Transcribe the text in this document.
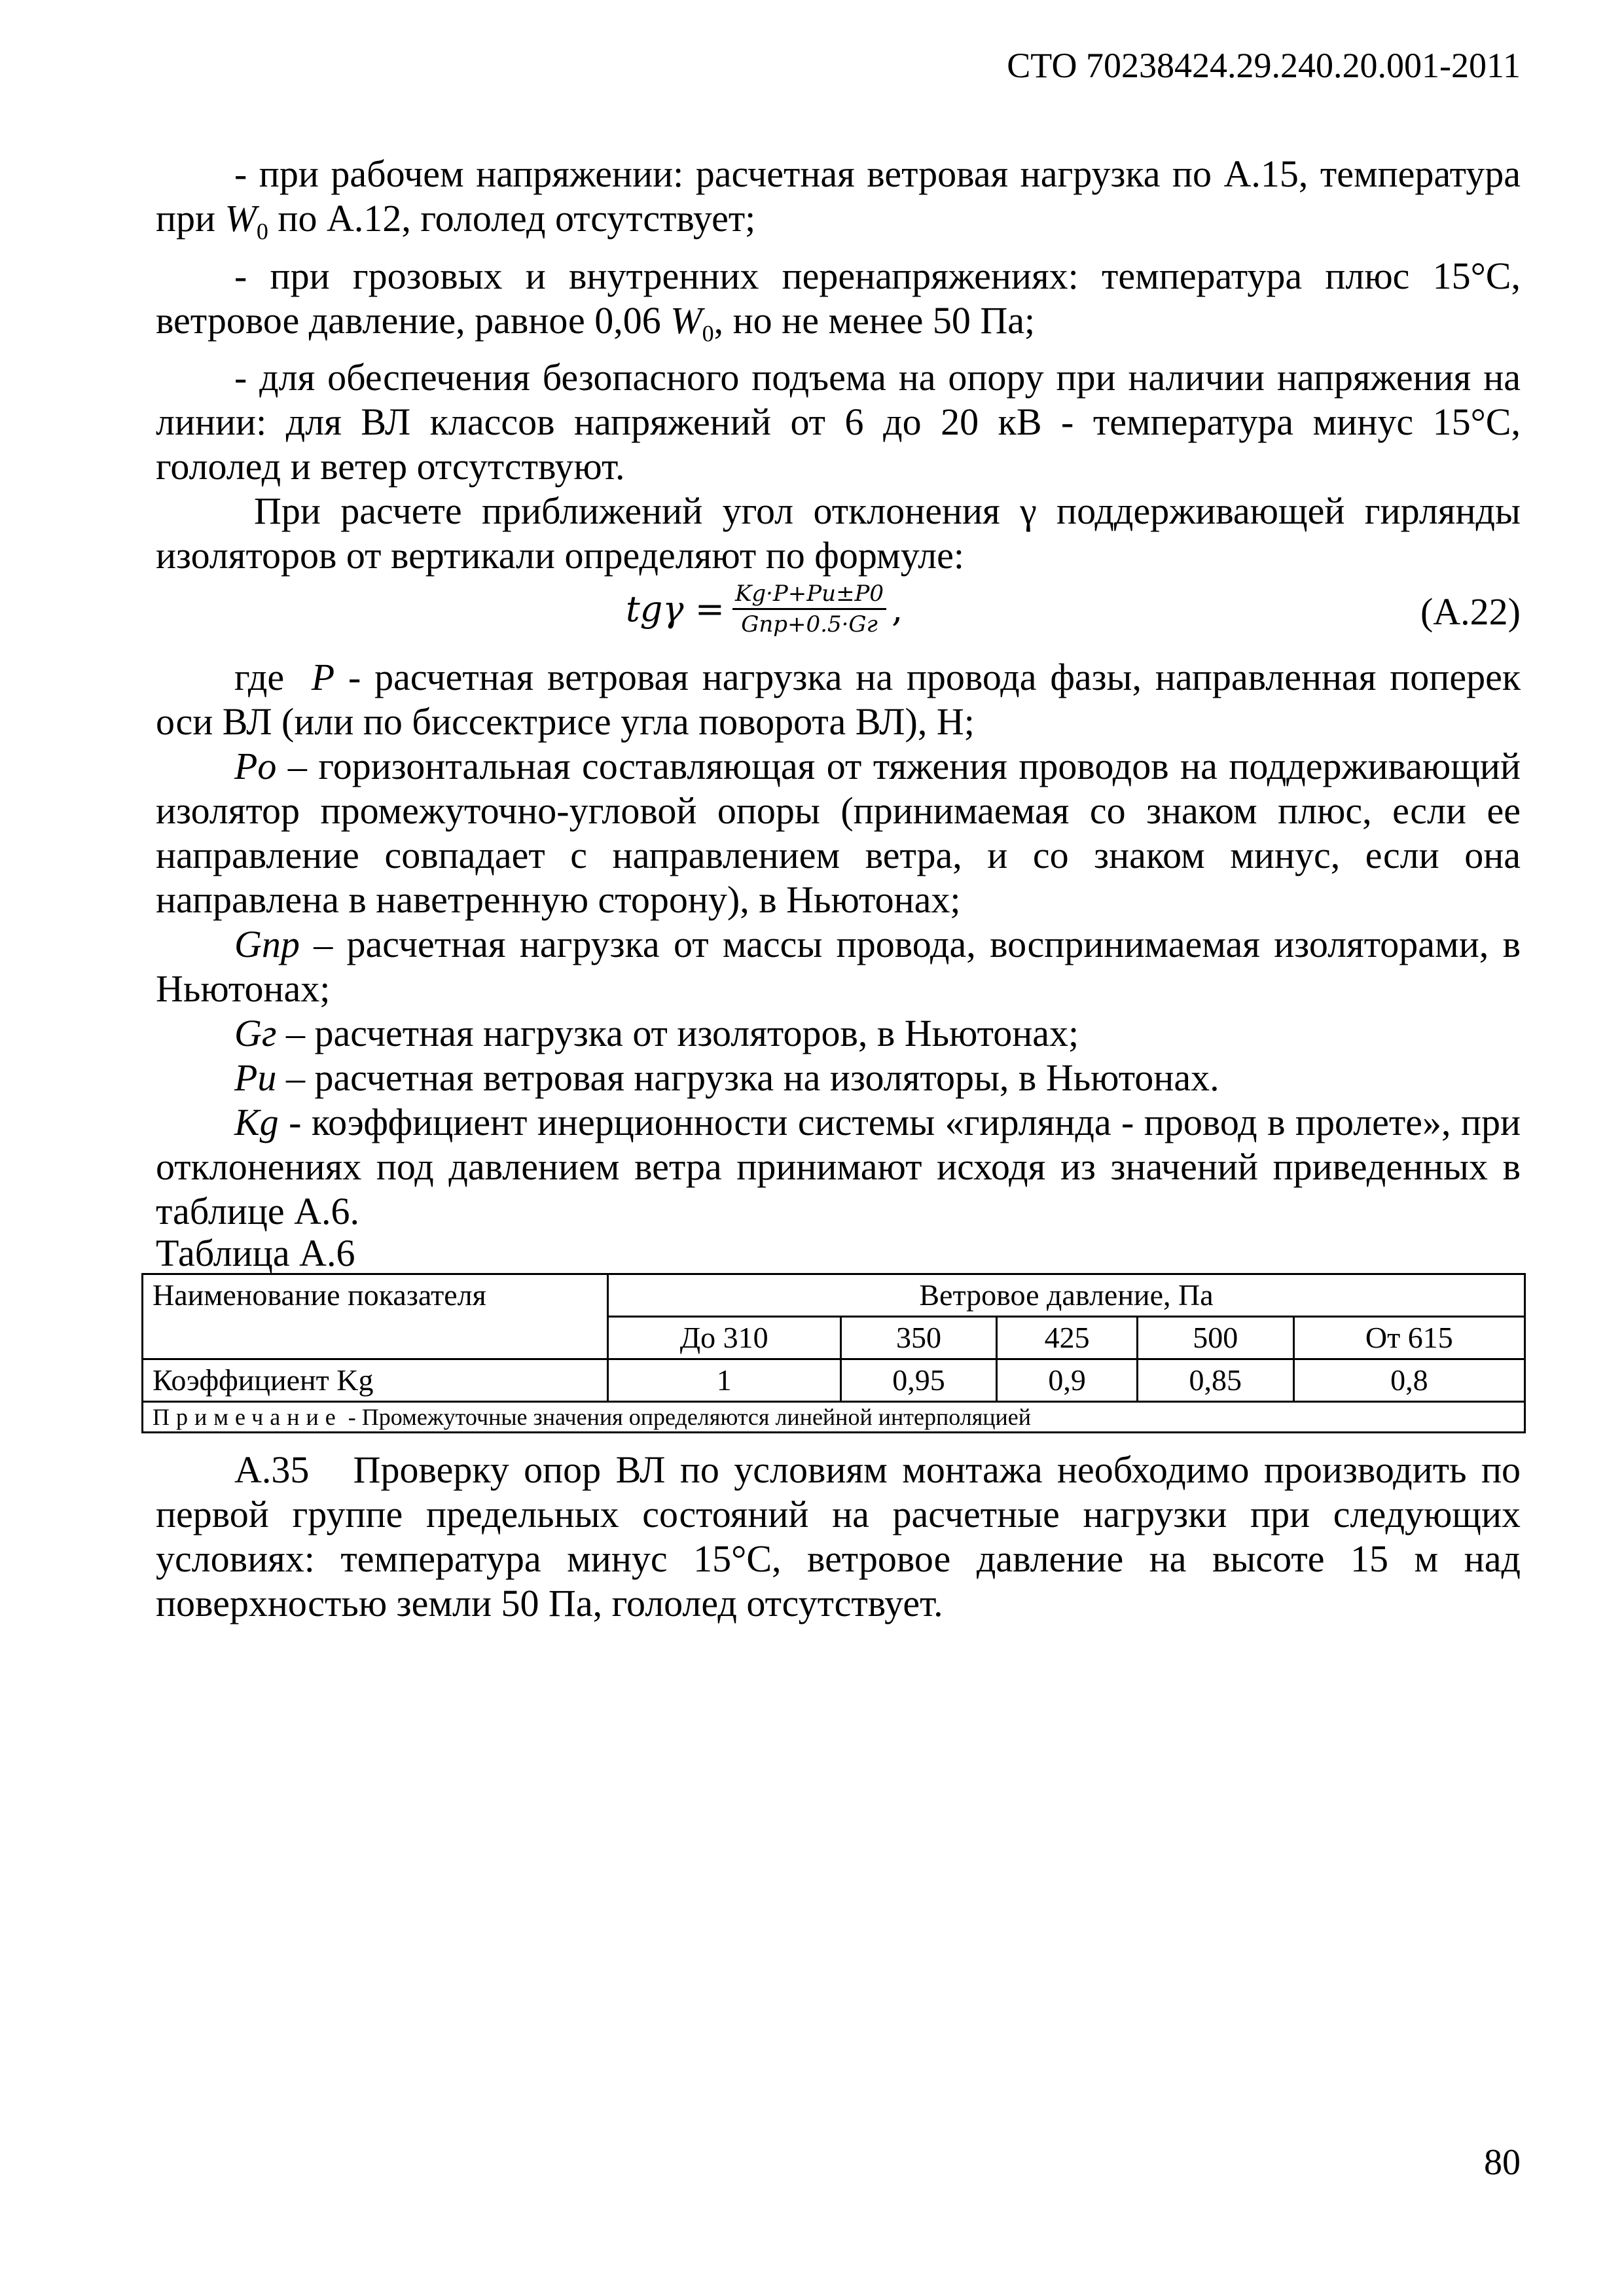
СТО 70238424.29.240.20.001-2011

- при рабочем напряжении: расчетная ветровая нагрузка по А.15, температура при $W_0$ по А.12, гололед отсутствует;

- при грозовых и внутренних перенапряжениях: температура плюс 15°С, ветровое давление, равное 0,06 $W_0$, но не менее 50 Па;

- для обеспечения безопасного подъема на опору при наличии напряжения на линии: для ВЛ классов напряжений от 6 до 20 кВ - температура минус 15°С, гололед и ветер отсутствуют.

При расчете приближений угол отклонения γ поддерживающей гирлянды изоляторов от вертикали определяют по формуле:

$tg\gamma = \frac{Kg\cdot P+Pи\pm P0}{\text{Gпр+0.5·Gг}}$ ,	(А.22)

где  P - расчетная ветровая нагрузка на провода фазы, направленная поперек оси ВЛ (или по биссектрисе угла поворота ВЛ), Н;

Pо – горизонтальная составляющая от тяжения проводов на поддерживающий изолятор промежуточно-угловой опоры (принимаемая со знаком плюс, если ее направление совпадает с направлением ветра, и со знаком минус, если она направлена в наветренную сторону), в Ньютонах;

Gпр – расчетная нагрузка от массы провода, воспринимаемая изоляторами, в Ньютонах;

Gг – расчетная нагрузка от изоляторов, в Ньютонах;

Pи – расчетная ветровая нагрузка на изоляторы, в Ньютонах.

Kg - коэффициент инерционности системы «гирлянда - провод в пролете», при отклонениях под давлением ветра принимают исходя из значений приведенных в таблице А.6.

Таблица А.6

Наименование показателя	Ветровое давление, Па				
	До 310	350	425	500	От 615
Коэффициент Kg	1	0,95	0,9	0,85	0,8
Примечание - Промежуточные значения определяются линейной интерполяцией					

А.35   Проверку опор ВЛ по условиям монтажа необходимо производить по первой группе предельных состояний на расчетные нагрузки при следующих условиях: температура минус 15°С, ветровое давление на высоте 15 м над поверхностью земли 50 Па, гололед отсутствует.

80
